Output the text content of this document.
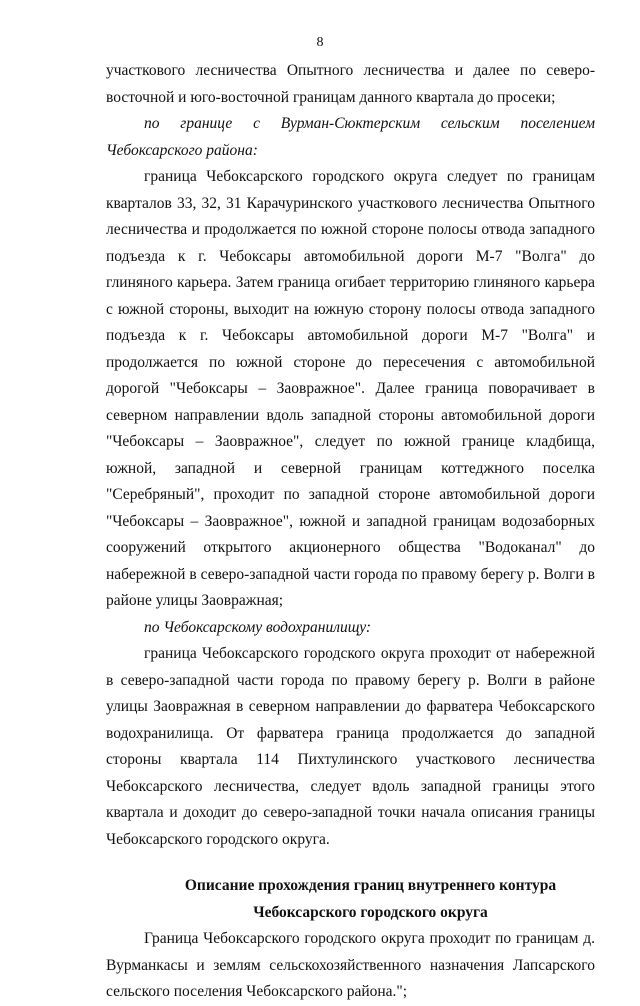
8

участкового лесничества Опытного лесничества и далее по северо-восточной и юго-восточной границам данного квартала до просеки;

по границе с Вурман-Сюктерским сельским поселением Чебоксарского района:

граница Чебоксарского городского округа следует по границам кварталов 33, 32, 31 Карачуринского участкового лесничества Опытного лесничества и продолжается по южной стороне полосы отвода западного подъезда к г. Чебоксары автомобильной дороги М-7 "Волга" до глиняного карьера. Затем граница огибает территорию глиняного карьера с южной стороны, выходит на южную сторону полосы отвода западного подъезда к г. Чебоксары автомобильной дороги М-7 "Волга" и продолжается по южной стороне до пересечения с автомобильной дорогой "Чебоксары – Заовражное". Далее граница поворачивает в северном направлении вдоль западной стороны автомобильной дороги "Чебоксары – Заовражное", следует по южной границе кладбища, южной, западной и северной границам коттеджного поселка "Серебряный", проходит по западной стороне автомобильной дороги "Чебоксары – Заовражное", южной и западной границам водозаборных сооружений открытого акционерного общества "Водоканал" до набережной в северо-западной части города по правому берегу р. Волги в районе улицы Заовражная;

по Чебоксарскому водохранилищу:

граница Чебоксарского городского округа проходит от набережной в северо-западной части города по правому берегу р. Волги в районе улицы Заовражная в северном направлении до фарватера Чебоксарского водохранилища. От фарватера граница продолжается до западной стороны квартала 114 Пихтулинского участкового лесничества Чебоксарского лесничества, следует вдоль западной границы этого квартала и доходит до северо-западной точки начала описания границы Чебоксарского городского округа.

Описание прохождения границ внутреннего контура Чебоксарского городского округа

Граница Чебоксарского городского округа проходит по границам д. Вурманкасы и землям сельскохозяйственного назначения Лапсарского сельского поселения Чебоксарского района.";
